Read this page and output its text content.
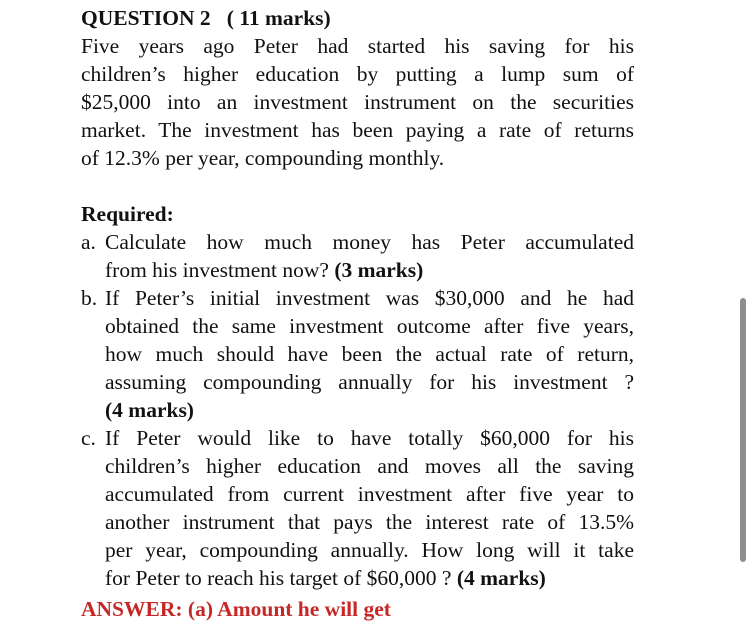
QUESTION 2 ( 11 marks)
Five years ago Peter had started his saving for his
children’s higher education by putting a lump sum of
$25,000 into an investment instrument on the securities
market. The investment has been paying a rate of returns
of 12.3% per year, compounding monthly.
Required:
a. Calculate how much money has Peter accumulated
from his investment now? (3 marks)
b. If Peter’s initial investment was $30,000 and he had
obtained the same investment outcome after five years,
how much should have been the actual rate of return,
assuming compounding annually for his investment ?
(4 marks)
c. If Peter would like to have totally $60,000 for his
children’s higher education and moves all the saving
accumulated from current investment after five year to
another instrument that pays the interest rate of 13.5%
per year, compounding annually. How long will it take
for Peter to reach his target of $60,000 ? (4 marks)
ANSWER: (a) Amount he will get
